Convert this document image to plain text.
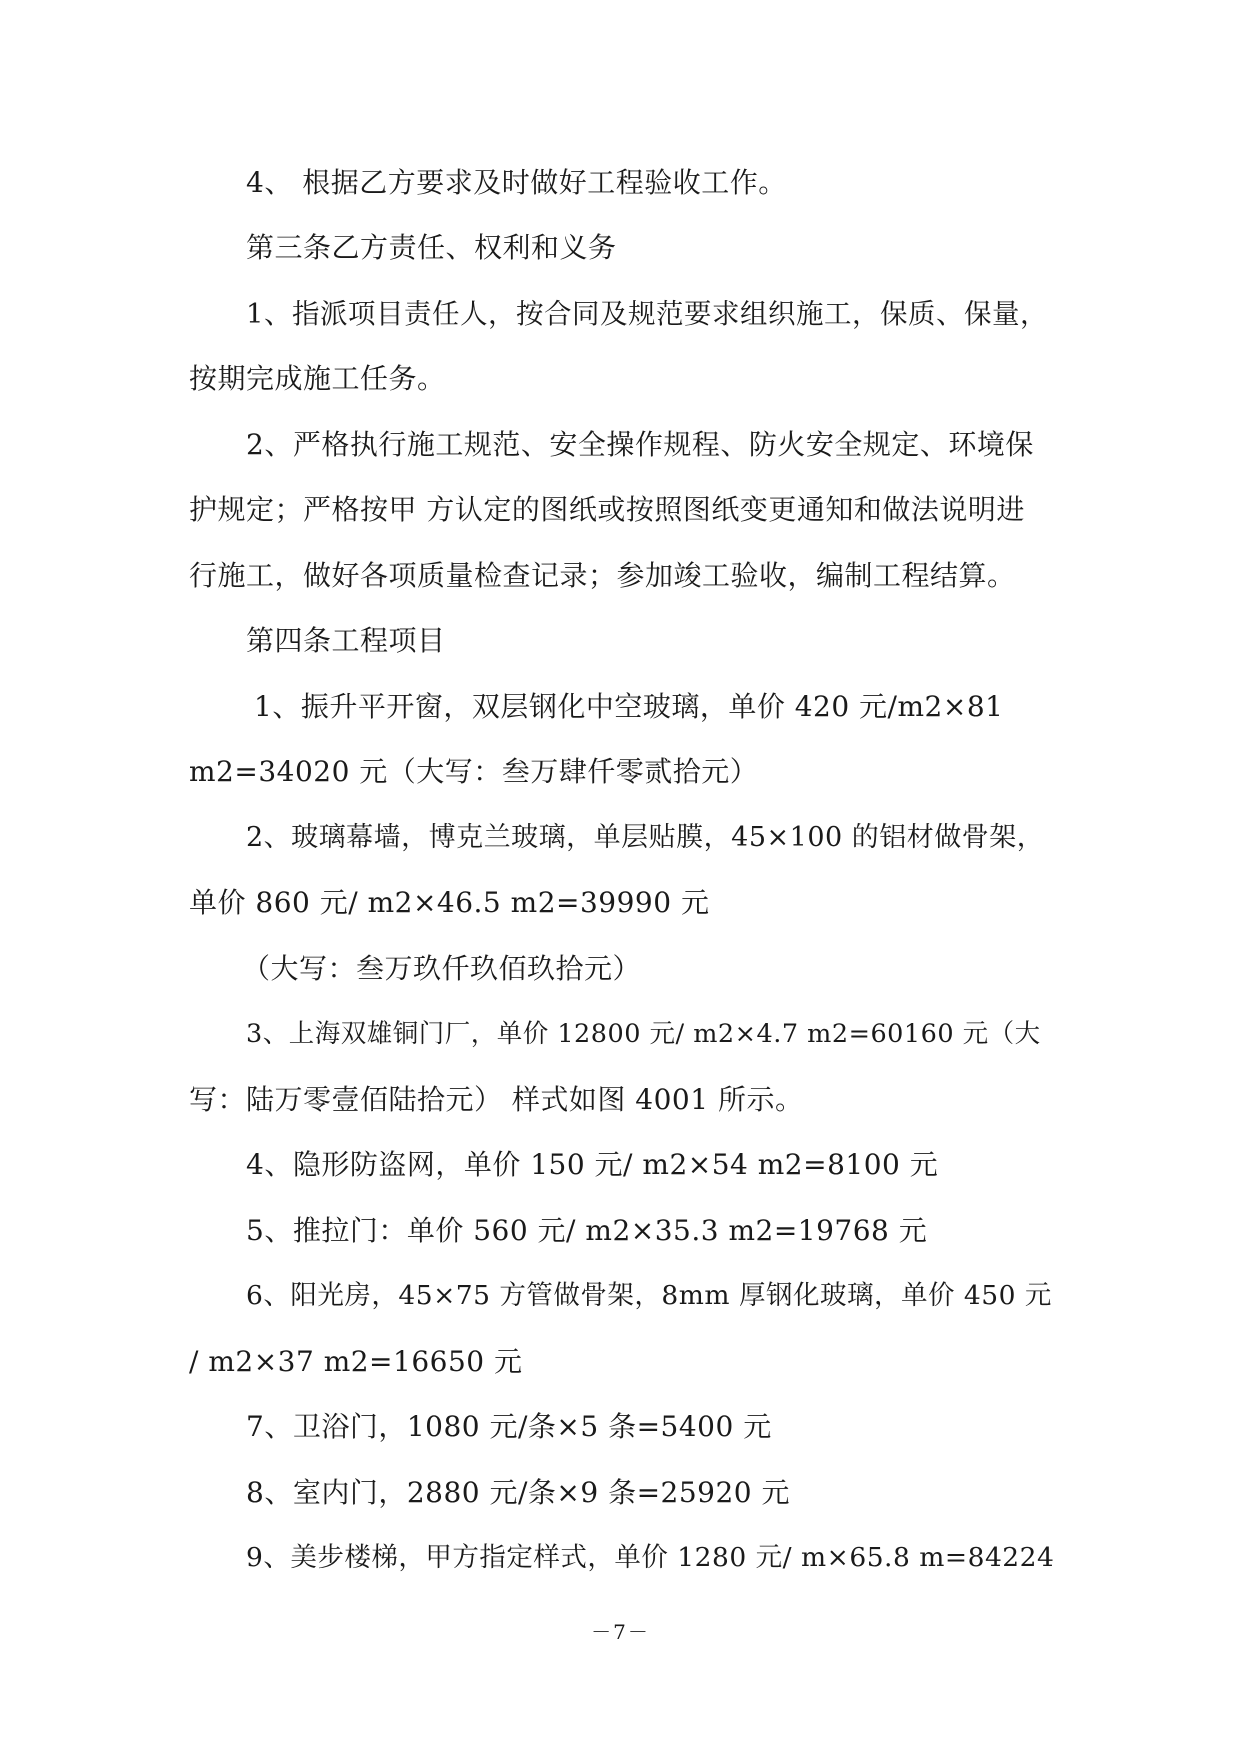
4、 根据乙方要求及时做好工程验收工作。
第三条乙方责任、权利和义务
1、指派项目责任人，按合同及规范要求组织施工，保质、保量，
按期完成施工任务。
2、严格执行施工规范、安全操作规程、防火安全规定、环境保
护规定；严格按甲 方认定的图纸或按照图纸变更通知和做法说明进
行施工，做好各项质量检查记录；参加竣工验收，编制工程结算。
第四条工程项目
1、振升平开窗，双层钢化中空玻璃，单价 420 元/m2×81
m2=34020 元（大写：叁万肆仟零贰拾元）
2、玻璃幕墙，博克兰玻璃，单层贴膜，45×100 的铝材做骨架，
单价 860 元/ m2×46.5 m2=39990 元
（大写：叁万玖仟玖佰玖拾元）
3、上海双雄铜门厂，单价 12800 元/ m2×4.7 m2=60160 元（大
写：陆万零壹佰陆拾元） 样式如图 4001 所示。
4、隐形防盗网，单价 150 元/ m2×54 m2=8100 元
5、推拉门：单价 560 元/ m2×35.3 m2=19768 元
6、阳光房，45×75 方管做骨架，8mm 厚钢化玻璃，单价 450 元
/ m2×37 m2=16650 元
7、卫浴门，1080 元/条×5 条=5400 元
8、室内门，2880 元/条×9 条=25920 元
9、美步楼梯，甲方指定样式，单价 1280 元/ m×65.8 m=84224
－7－
